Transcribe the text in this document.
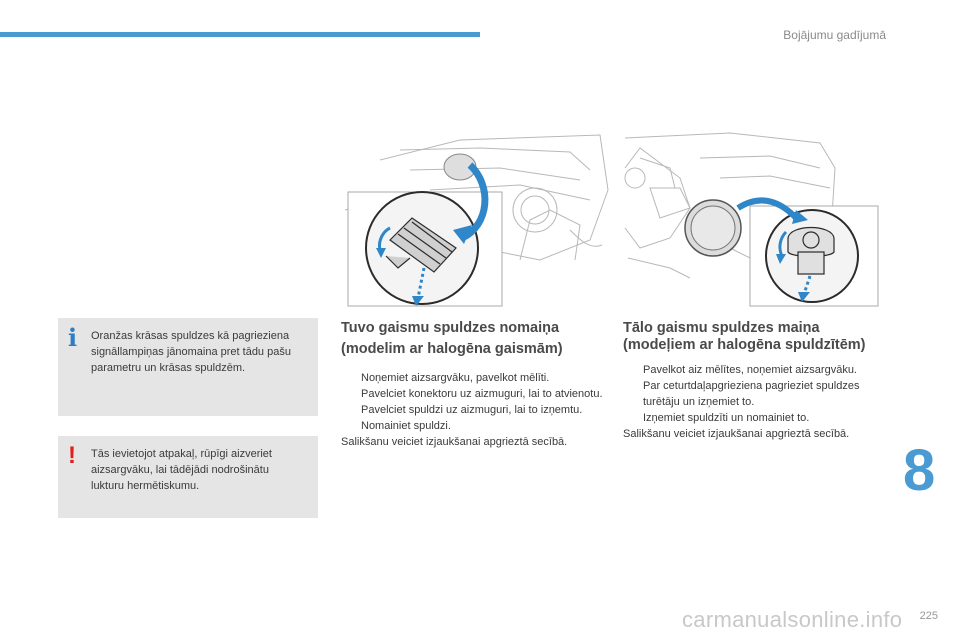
Bojājumu gadījumā
i Oranžas krāsas spuldzes kā pagrieziena signāllampiņas jānomaina pret tādu pašu parametru un krāsas spuldzēm.
!	Tās ievietojot atpakaļ, rūpīgi aizveriet aizsargvāku, lai tādējādi nodrošinātu lukturu hermētiskumu.
Tuvo gaismu spuldzes nomaiņa (modelim ar halogēna gaismām)
Noņemiet aizsargvāku, pavelkot mēlīti.
Pavelciet konektoru uz aizmuguri, lai to atvienotu.
Pavelciet spuldzi uz aizmuguri, lai to izņemtu.
Nomainiet spuldzi.

Salikšanu veiciet izjaukšanai apgrieztā secībā.

Tālo gaismu spuldzes maiņa (modeļiem ar halogēna spuldzītēm)
Pavelkot aiz mēlītes, noņemiet aizsargvāku.
Par ceturtdaļapgrieziena pagrieziet spuldzes turētāju un izņemiet to.
Izņemiet spuldzīti un nomainiet to.

Salikšanu veiciet izjaukšanai apgrieztā secībā.

8
carmanualsonline.info 225
